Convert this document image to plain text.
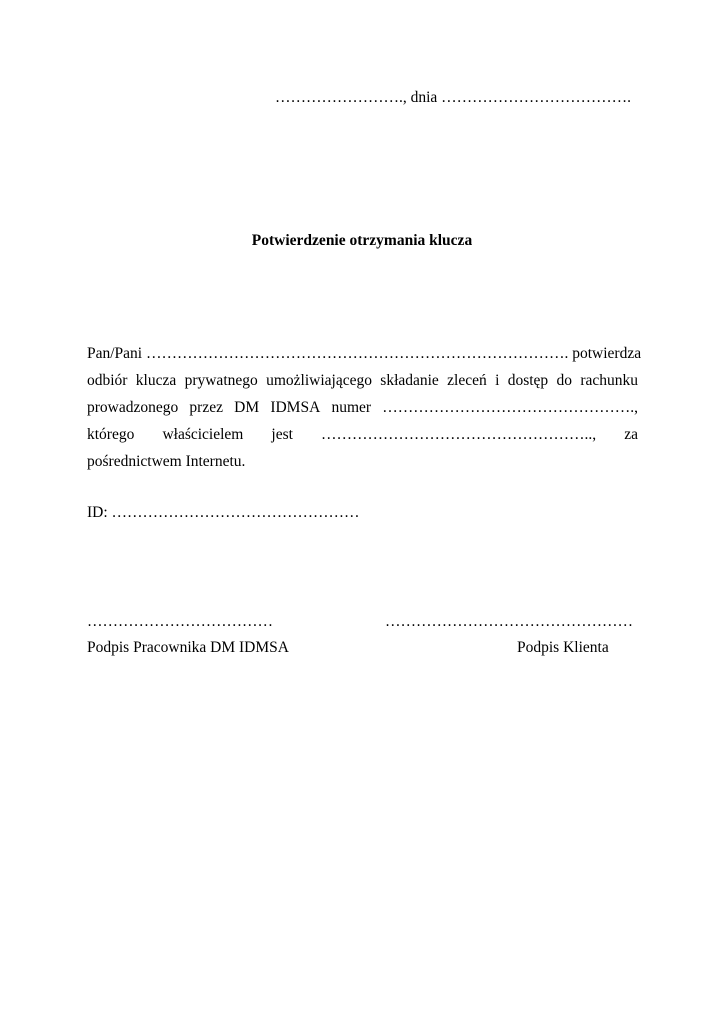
……………………., dnia ……………………………….
Potwierdzenie otrzymania klucza
Pan/Pani ………………………………………………………………………. potwierdza
odbiór klucza prywatnego umożliwiającego składanie zleceń i dostęp do rachunku
prowadzonego przez DM IDMSA numer ………………………………………….,
którego właścicielem jest …………………………………………….., za
pośrednictwem Internetu.
ID: …………………………………………
………………………………	…………………………………………
Podpis Pracownika DM IDMSA	Podpis Klienta
